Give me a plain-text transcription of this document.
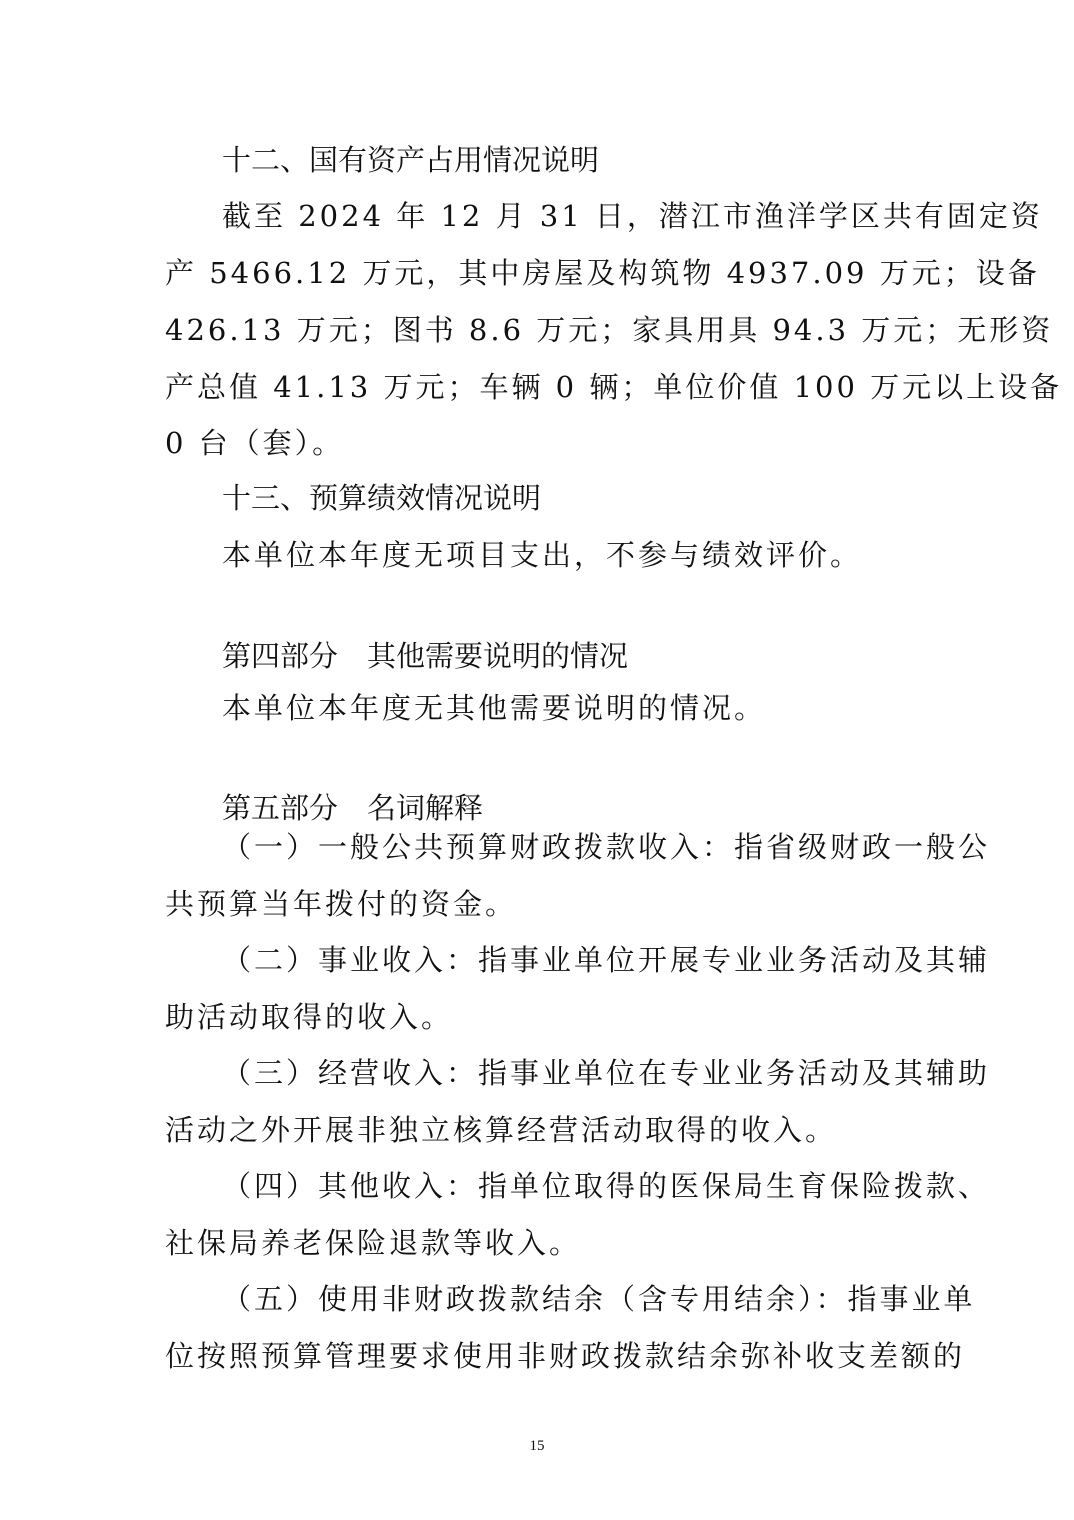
十二、国有资产占用情况说明
截至 2024 年 12 月 31 日，潜江市渔洋学区共有固定资
产 5466.12 万元，其中房屋及构筑物 4937.09 万元；设备
426.13 万元；图书 8.6 万元；家具用具 94.3 万元；无形资
产总值 41.13 万元；车辆 0 辆；单位价值 100 万元以上设备
0 台（套）。
十三、预算绩效情况说明
本单位本年度无项目支出，不参与绩效评价。
第四部分　其他需要说明的情况
本单位本年度无其他需要说明的情况。
第五部分　名词解释
（一）一般公共预算财政拨款收入：指省级财政一般公
共预算当年拨付的资金。
（二）事业收入：指事业单位开展专业业务活动及其辅
助活动取得的收入。
（三）经营收入：指事业单位在专业业务活动及其辅助
活动之外开展非独立核算经营活动取得的收入。
（四）其他收入：指单位取得的医保局生育保险拨款、
社保局养老保险退款等收入。
（五）使用非财政拨款结余（含专用结余）：指事业单
位按照预算管理要求使用非财政拨款结余弥补收支差额的
15
